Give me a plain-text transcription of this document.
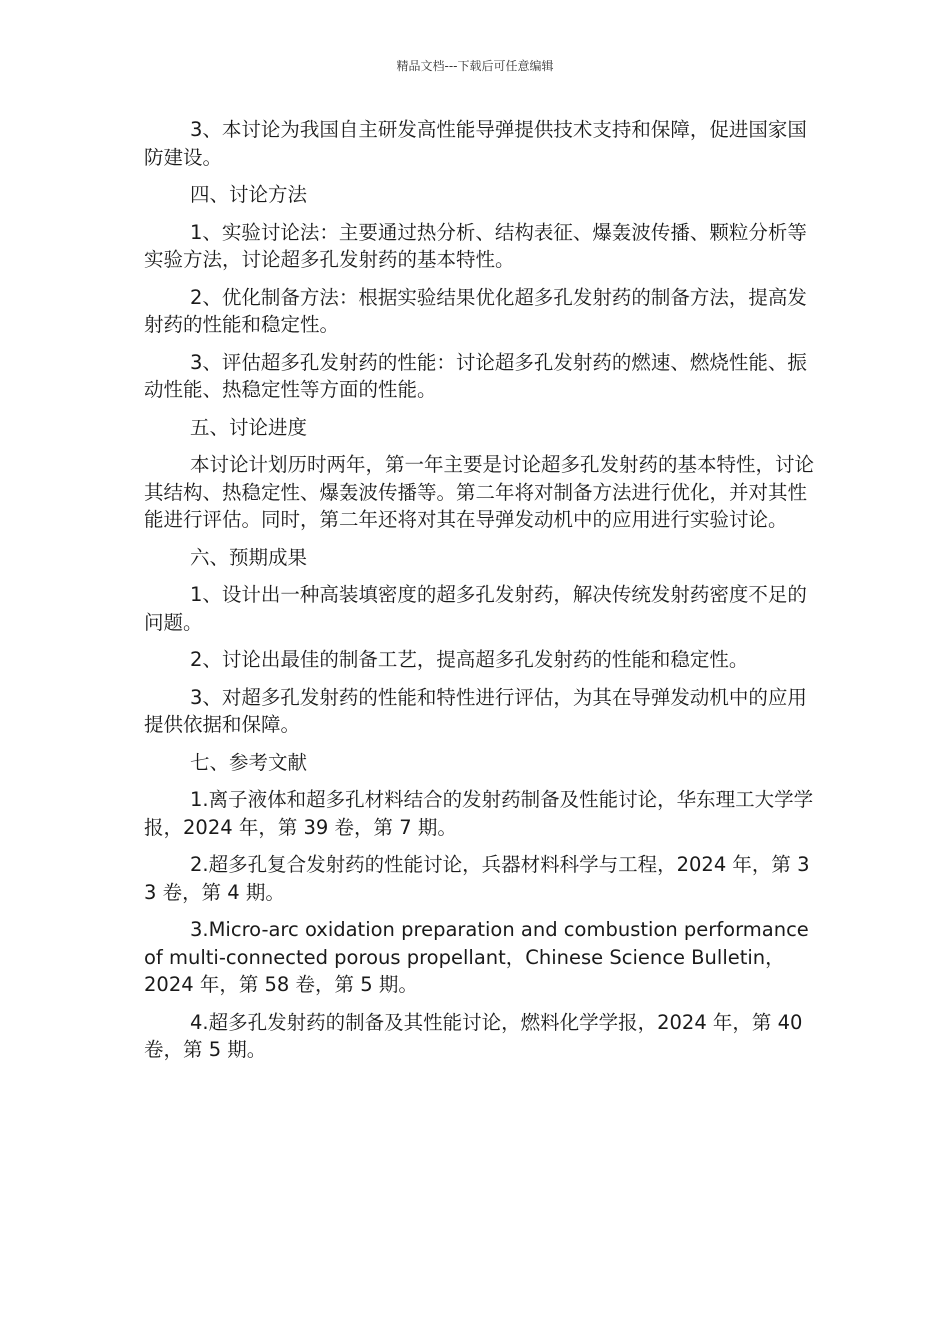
精品文档---下载后可任意编辑

3、本讨论为我国自主研发高性能导弹提供技术支持和保障，促进国家国防建设。

四、讨论方法

1、实验讨论法：主要通过热分析、结构表征、爆轰波传播、颗粒分析等实验方法，讨论超多孔发射药的基本特性。

2、优化制备方法：根据实验结果优化超多孔发射药的制备方法，提高发射药的性能和稳定性。

3、评估超多孔发射药的性能：讨论超多孔发射药的燃速、燃烧性能、振动性能、热稳定性等方面的性能。

五、讨论进度

本讨论计划历时两年，第一年主要是讨论超多孔发射药的基本特性，讨论其结构、热稳定性、爆轰波传播等。第二年将对制备方法进行优化，并对其性能进行评估。同时，第二年还将对其在导弹发动机中的应用进行实验讨论。

六、预期成果

1、设计出一种高装填密度的超多孔发射药，解决传统发射药密度不足的问题。

2、讨论出最佳的制备工艺，提高超多孔发射药的性能和稳定性。

3、对超多孔发射药的性能和特性进行评估，为其在导弹发动机中的应用提供依据和保障。

七、参考文献

1.离子液体和超多孔材料结合的发射药制备及性能讨论，华东理工大学学报，2024 年，第 39 卷，第 7 期。

2.超多孔复合发射药的性能讨论，兵器材料科学与工程，2024 年，第 33 卷，第 4 期。

3.Micro-arc oxidation preparation and combustion performance of multi-connected porous propellant，Chinese Science Bulletin，2024 年，第 58 卷，第 5 期。

4.超多孔发射药的制备及其性能讨论，燃料化学学报，2024 年，第 40 卷，第 5 期。
